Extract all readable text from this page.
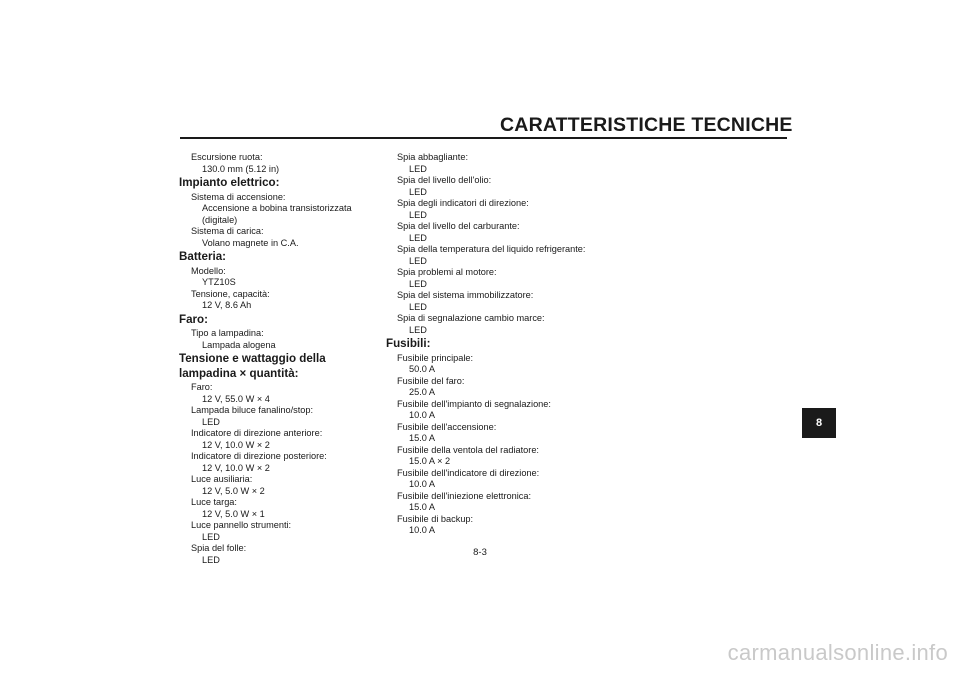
CARATTERISTICHE TECNICHE
Escursione ruota:
130.0 mm (5.12 in)
Impianto elettrico:
Sistema di accensione:
Accensione a bobina transistorizzata
(digitale)
Sistema di carica:
Volano magnete in C.A.
Batteria:
Modello:
YTZ10S
Tensione, capacità:
12 V, 8.6 Ah
Faro:
Tipo a lampadina:
Lampada alogena
Tensione e wattaggio della lampadina × quantità:
Faro:
12 V, 55.0 W × 4
Lampada biluce fanalino/stop:
LED
Indicatore di direzione anteriore:
12 V, 10.0 W × 2
Indicatore di direzione posteriore:
12 V, 10.0 W × 2
Luce ausiliaria:
12 V, 5.0 W × 2
Luce targa:
12 V, 5.0 W × 1
Luce pannello strumenti:
LED
Spia del folle:
LED
Spia abbagliante:
LED
Spia del livello dell'olio:
LED
Spia degli indicatori di direzione:
LED
Spia del livello del carburante:
LED
Spia della temperatura del liquido refrigerante:
LED
Spia problemi al motore:
LED
Spia del sistema immobilizzatore:
LED
Spia di segnalazione cambio marce:
LED
Fusibili:
Fusibile principale:
50.0 A
Fusibile del faro:
25.0 A
Fusibile dell'impianto di segnalazione:
10.0 A
Fusibile dell'accensione:
15.0 A
Fusibile della ventola del radiatore:
15.0 A × 2
Fusibile dell'indicatore di direzione:
10.0 A
Fusibile dell'iniezione elettronica:
15.0 A
Fusibile di backup:
10.0 A
8
8-3
carmanualsonline.info
